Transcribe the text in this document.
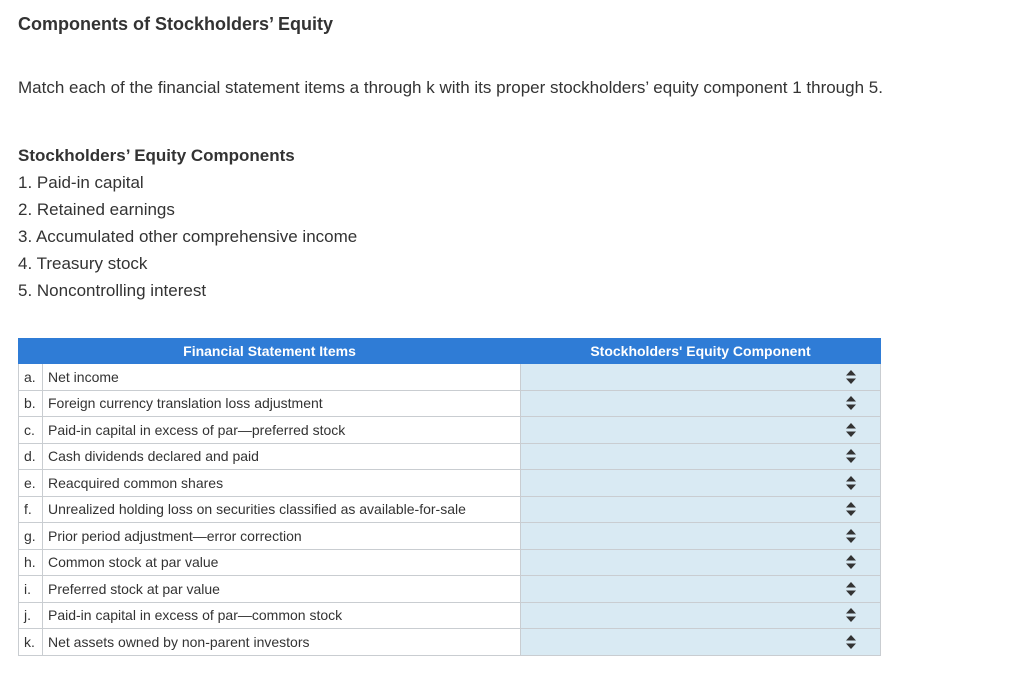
Components of Stockholders’ Equity
Match each of the financial statement items a through k with its proper stockholders’ equity component 1 through 5.
Stockholders’ Equity Components
1. Paid-in capital
2. Retained earnings
3. Accumulated other comprehensive income
4. Treasury stock
5. Noncontrolling interest
Financial Statement Items		Stockholders' Equity Component
a.	Net income	

b.	Foreign currency translation loss adjustment	

c.	Paid-in capital in excess of par—preferred stock	

d.	Cash dividends declared and paid	

e.	Reacquired common shares	

f.	Unrealized holding loss on securities classified as available-for-sale	

g.	Prior period adjustment—error correction	

h.	Common stock at par value	

i.	Preferred stock at par value	

j.	Paid-in capital in excess of par—common stock	

k.	Net assets owned by non-parent investors	
